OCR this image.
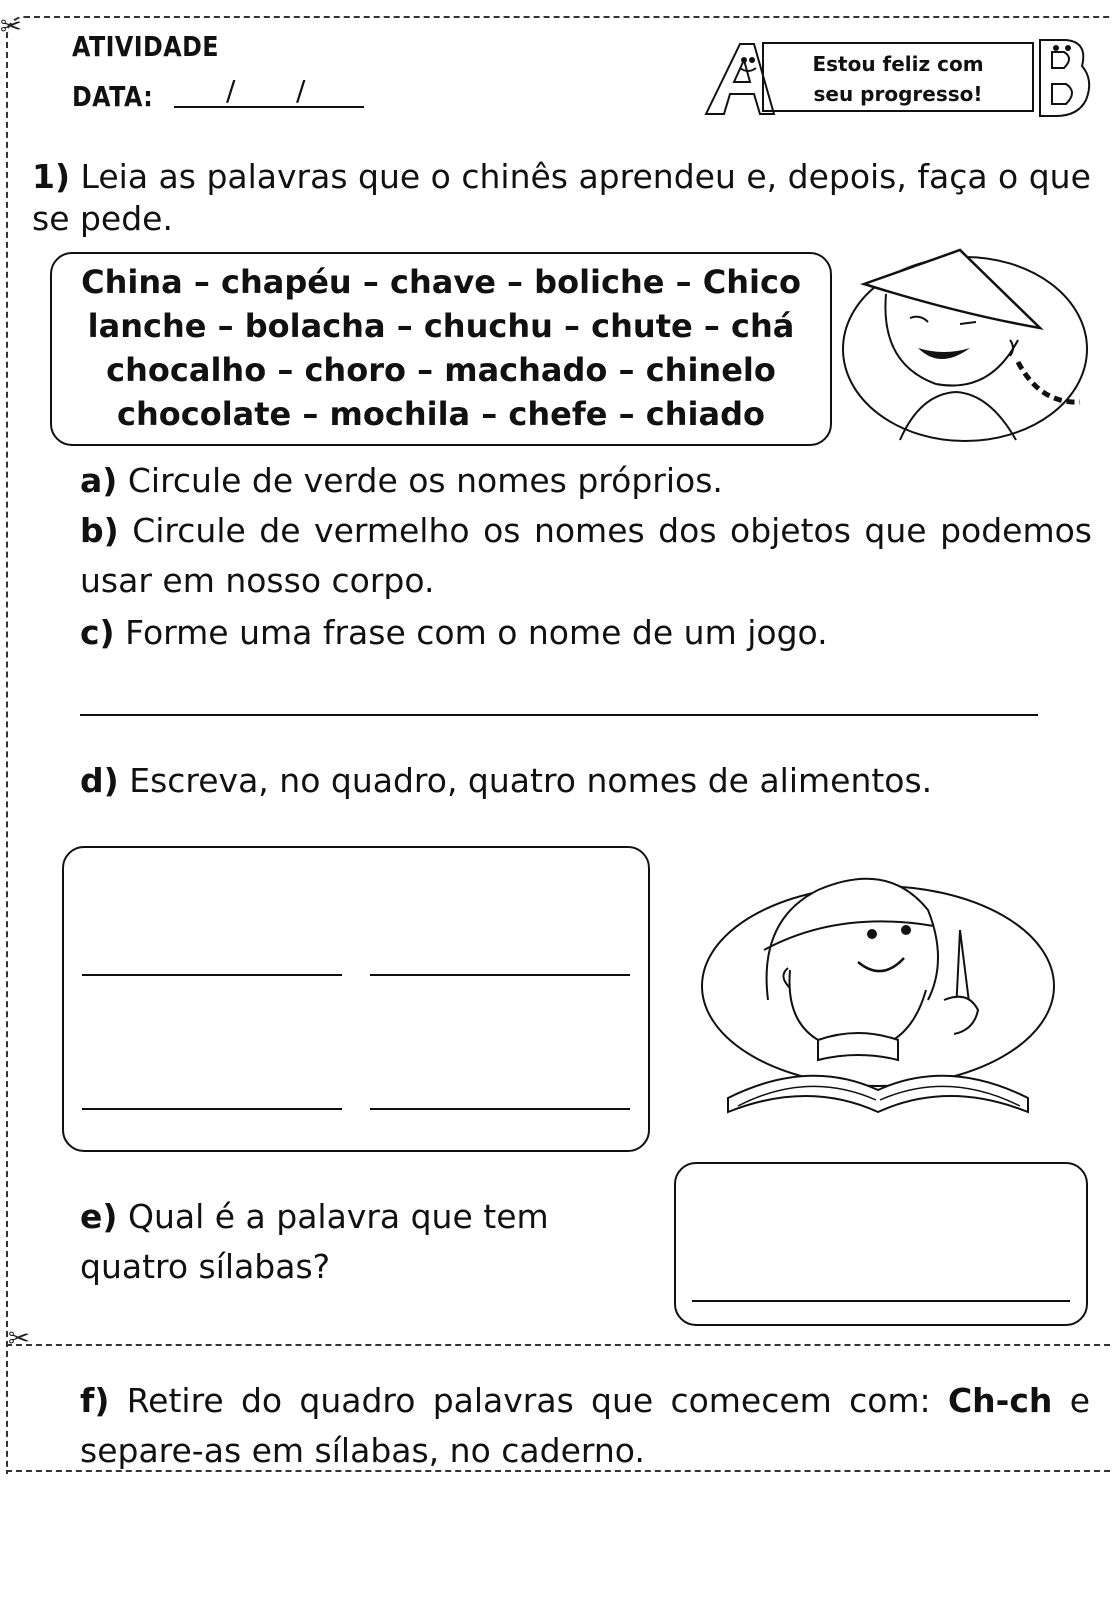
✂
✂
ATIVIDADE
DATA:	/ /
Estou feliz com
seu progresso!
1) Leia as palavras que o chinês aprendeu e, depois, faça o que se pede.
China – chapéu – chave – boliche – Chico
lanche – bolacha – chuchu – chute – chá
chocalho – choro – machado – chinelo
chocolate – mochila – chefe – chiado
a) Circule de verde os nomes próprios.
b) Circule de vermelho os nomes dos objetos que podemos usar em nosso corpo.
c) Forme uma frase com o nome de um jogo.
d) Escreva, no quadro, quatro nomes de alimentos.
e) Qual é a palavra que tem quatro sílabas?
f) Retire do quadro palavras que comecem com: Ch-ch e separe-as em sílabas, no caderno.
